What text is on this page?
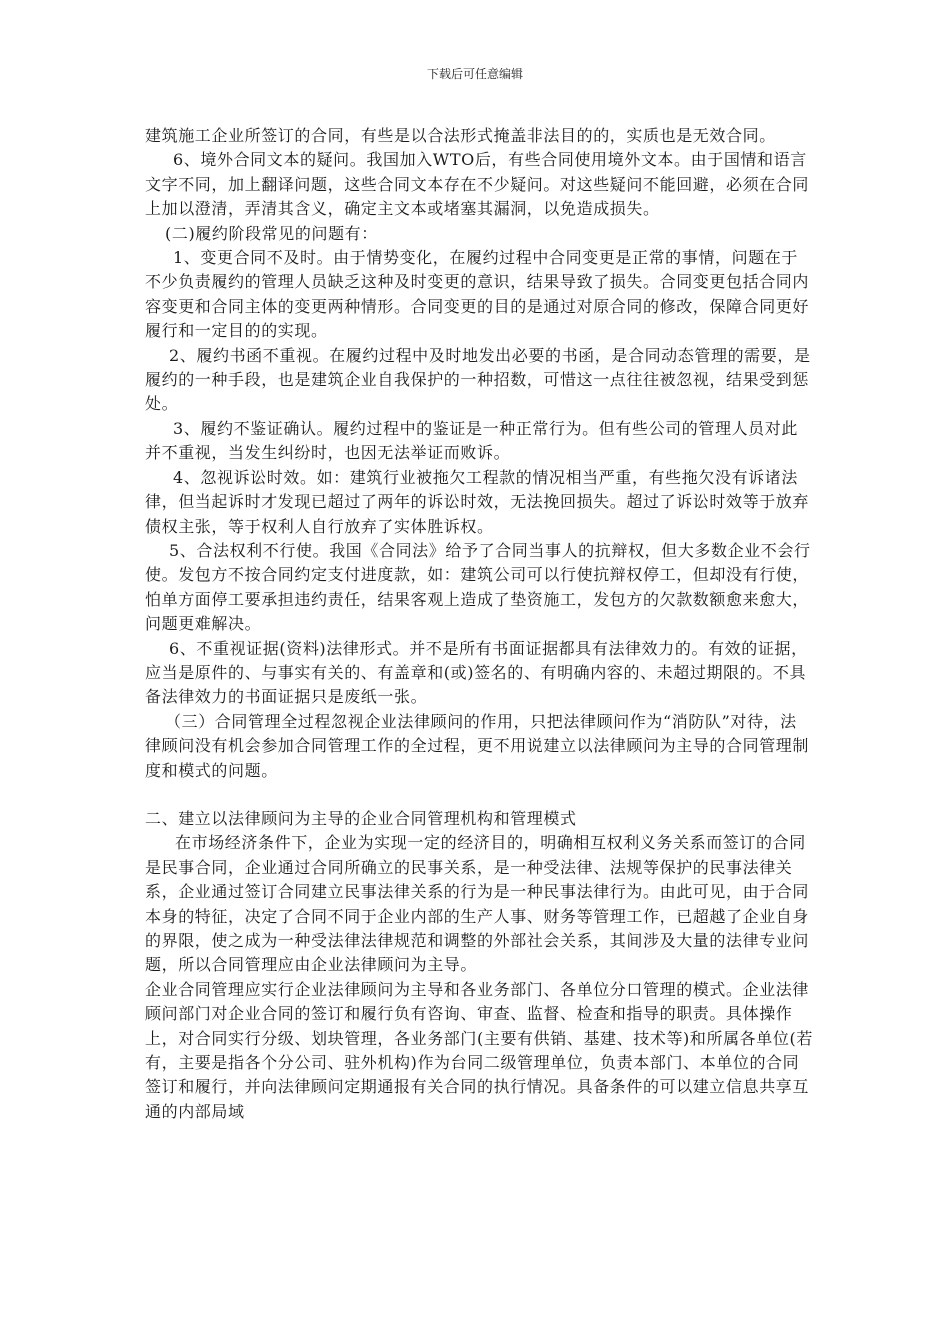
下载后可任意编辑

建筑施工企业所签订的合同，有些是以合法形式掩盖非法目的的，实质也是无效合同。

6、境外合同文本的疑问。我国加入WTO后，有些合同使用境外文本。由于国情和语言文字不同，加上翻译问题，这些合同文本存在不少疑问。对这些疑问不能回避，必须在合同上加以澄清，弄清其含义，确定主文本或堵塞其漏洞，以免造成损失。

(二)履约阶段常见的问题有：

1、变更合同不及时。由于情势变化，在履约过程中合同变更是正常的事情，问题在于不少负责履约的管理人员缺乏这种及时变更的意识，结果导致了损失。合同变更包括合同内容变更和合同主体的变更两种情形。合同变更的目的是通过对原合同的修改，保障合同更好履行和一定目的的实现。

2、履约书函不重视。在履约过程中及时地发出必要的书函，是合同动态管理的需要，是履约的一种手段，也是建筑企业自我保护的一种招数，可惜这一点往往被忽视，结果受到惩处。

3、履约不鉴证确认。履约过程中的鉴证是一种正常行为。但有些公司的管理人员对此并不重视，当发生纠纷时，也因无法举证而败诉。

4、忽视诉讼时效。如：建筑行业被拖欠工程款的情况相当严重，有些拖欠没有诉诸法律，但当起诉时才发现已超过了两年的诉讼时效，无法挽回损失。超过了诉讼时效等于放弃债权主张，等于权利人自行放弃了实体胜诉权。

5、合法权利不行使。我国《合同法》给予了合同当事人的抗辩权，但大多数企业不会行使。发包方不按合同约定支付进度款，如：建筑公司可以行使抗辩权停工，但却没有行使，怕单方面停工要承担违约责任，结果客观上造成了垫资施工，发包方的欠款数额愈来愈大，问题更难解决。

6、不重视证据(资料)法律形式。并不是所有书面证据都具有法律效力的。有效的证据，应当是原件的、与事实有关的、有盖章和(或)签名的、有明确内容的、未超过期限的。不具备法律效力的书面证据只是废纸一张。

（三）合同管理全过程忽视企业法律顾问的作用，只把法律顾问作为“消防队”对待，法律顾问没有机会参加合同管理工作的全过程，更不用说建立以法律顾问为主导的合同管理制度和模式的问题。

二、建立以法律顾问为主导的企业合同管理机构和管理模式

在市场经济条件下，企业为实现一定的经济目的，明确相互权利义务关系而签订的合同是民事合同，企业通过合同所确立的民事关系，是一种受法律、法规等保护的民事法律关系，企业通过签订合同建立民事法律关系的行为是一种民事法律行为。由此可见，由于合同本身的特征，决定了合同不同于企业内部的生产人事、财务等管理工作，已超越了企业自身的界限，使之成为一种受法律法律规范和调整的外部社会关系，其间涉及大量的法律专业问题，所以合同管理应由企业法律顾问为主导。

企业合同管理应实行企业法律顾问为主导和各业务部门、各单位分口管理的模式。企业法律顾问部门对企业合同的签订和履行负有咨询、审查、监督、检查和指导的职责。具体操作上，对合同实行分级、划块管理，各业务部门(主要有供销、基建、技术等)和所属各单位(若有，主要是指各个分公司、驻外机构)作为台同二级管理单位，负责本部门、本单位的合同签订和履行，并向法律顾问定期通报有关合同的执行情况。具备条件的可以建立信息共享互通的内部局域
